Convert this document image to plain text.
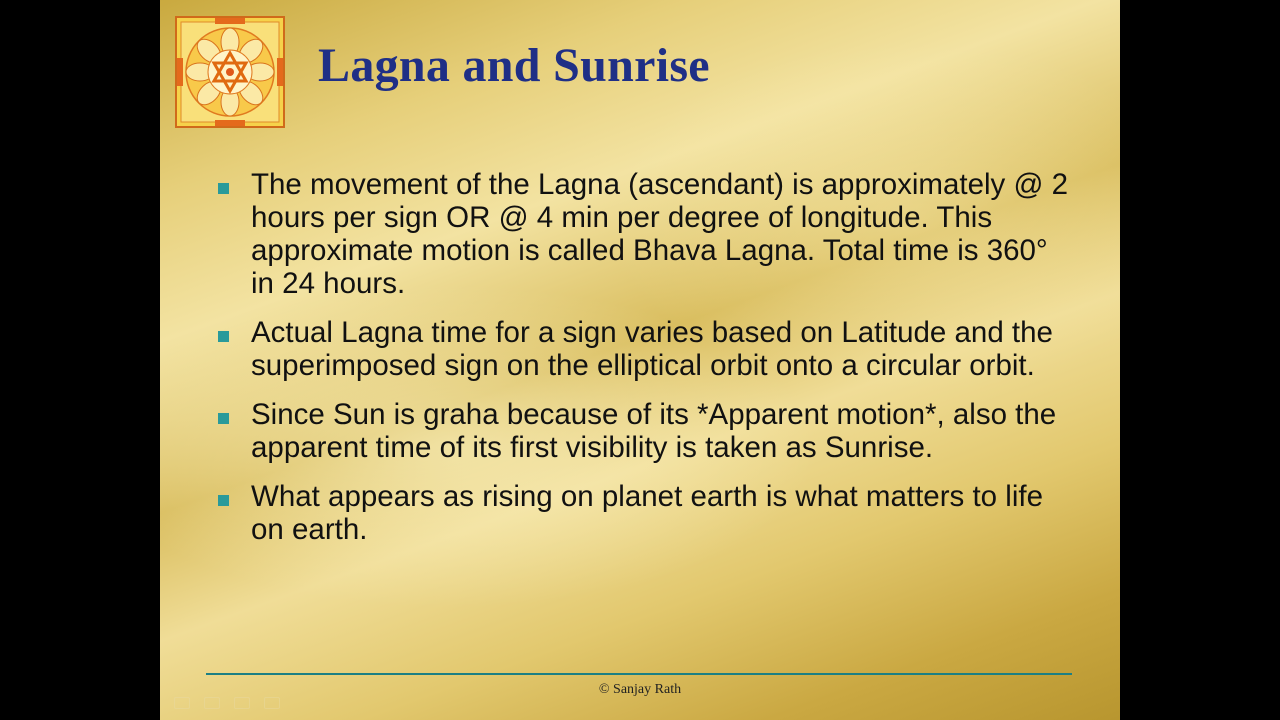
Lagna and Sunrise
The movement of the Lagna (ascendant) is approximately @ 2 hours per sign OR @ 4 min per degree of longitude. This approximate motion is called Bhava Lagna. Total time is 360° in 24 hours.
Actual Lagna time for a sign varies based on Latitude and the superimposed sign on the elliptical orbit onto a circular orbit.
Since Sun is graha because of its *Apparent motion*, also the apparent time of its first visibility is taken as Sunrise.
What appears as rising on planet earth is what matters to life on earth.
© Sanjay Rath
